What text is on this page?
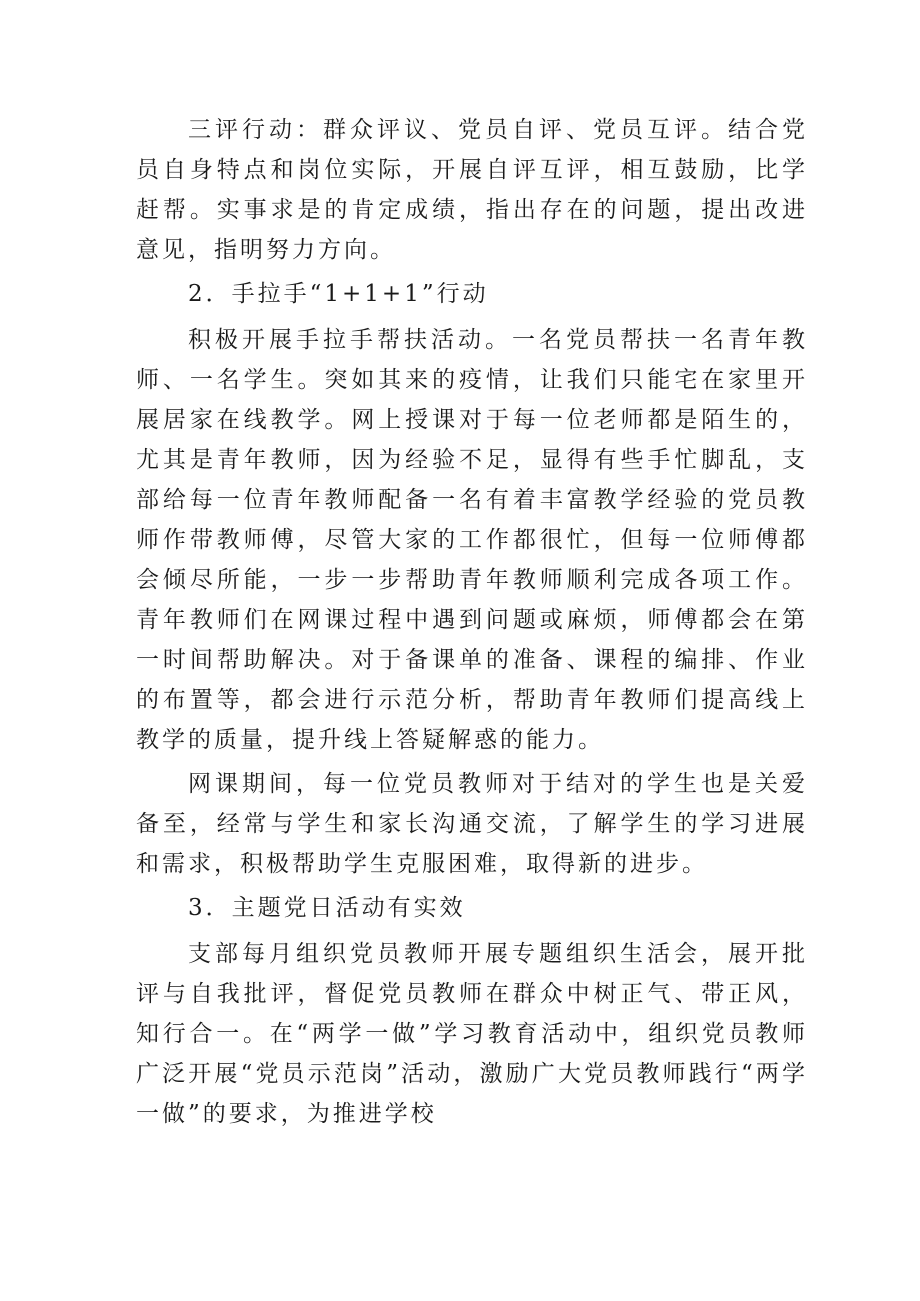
三评行动：群众评议、党员自评、党员互评。结合党员自身特点和岗位实际，开展自评互评，相互鼓励，比学赶帮。实事求是的肯定成绩，指出存在的问题，提出改进意见，指明努力方向。

2．手拉手“1+1+1”行动

积极开展手拉手帮扶活动。一名党员帮扶一名青年教师、一名学生。突如其来的疫情，让我们只能宅在家里开展居家在线教学。网上授课对于每一位老师都是陌生的，尤其是青年教师，因为经验不足，显得有些手忙脚乱，支部给每一位青年教师配备一名有着丰富教学经验的党员教师作带教师傅，尽管大家的工作都很忙，但每一位师傅都会倾尽所能，一步一步帮助青年教师顺利完成各项工作。青年教师们在网课过程中遇到问题或麻烦，师傅都会在第一时间帮助解决。对于备课单的准备、课程的编排、作业的布置等，都会进行示范分析，帮助青年教师们提高线上教学的质量，提升线上答疑解惑的能力。

网课期间，每一位党员教师对于结对的学生也是关爱备至，经常与学生和家长沟通交流，了解学生的学习进展和需求，积极帮助学生克服困难，取得新的进步。

3．主题党日活动有实效

支部每月组织党员教师开展专题组织生活会，展开批评与自我批评，督促党员教师在群众中树正气、带正风，知行合一。在“两学一做”学习教育活动中，组织党员教师广泛开展“党员示范岗”活动，激励广大党员教师践行“两学一做”的要求，为推进学校
